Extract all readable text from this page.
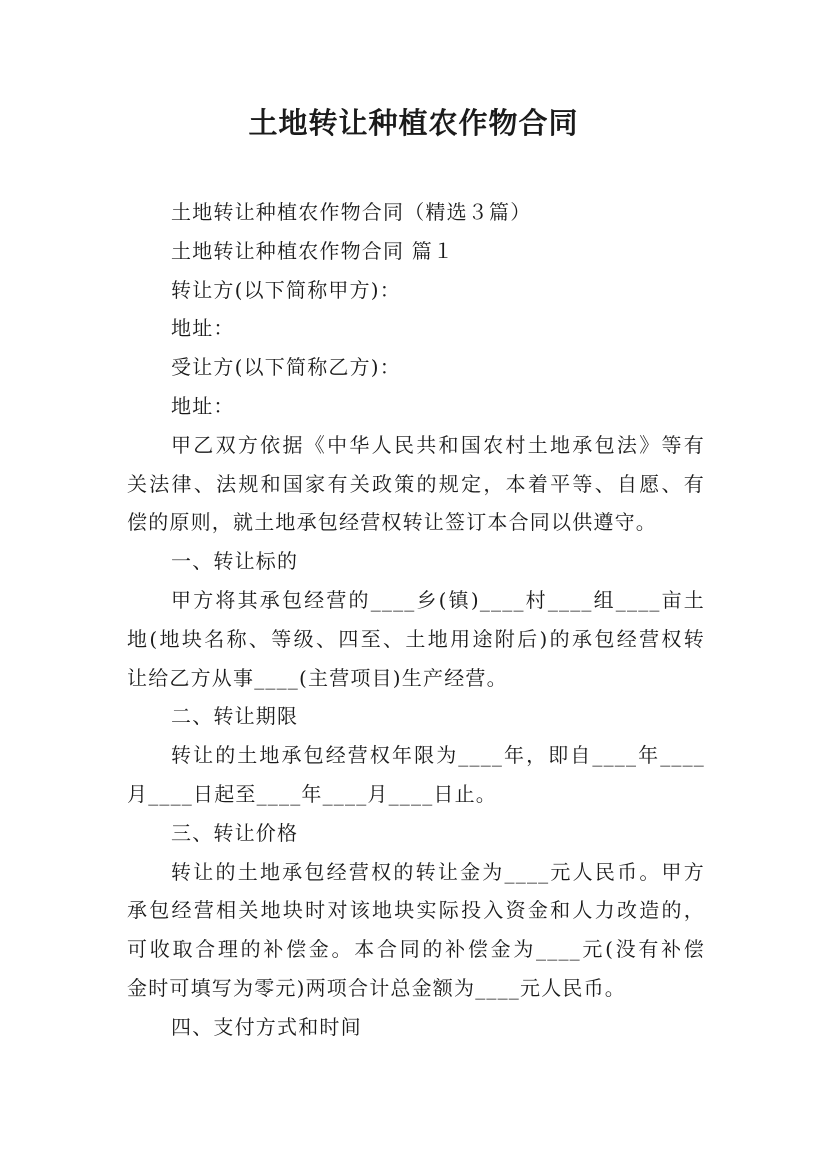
土地转让种植农作物合同

土地转让种植农作物合同（精选３篇）

土地转让种植农作物合同 篇１

转让方(以下简称甲方)：

地址：

受让方(以下简称乙方)：

地址：

甲乙双方依据《中华人民共和国农村土地承包法》等有

关法律、法规和国家有关政策的规定，本着平等、自愿、有

偿的原则，就土地承包经营权转让签订本合同以供遵守。

一、转让标的

甲方将其承包经营的____乡(镇)____村____组____亩土

地(地块名称、等级、四至、土地用途附后)的承包经营权转

让给乙方从事____(主营项目)生产经营。

二、转让期限

转让的土地承包经营权年限为____年，即自____年____

月____日起至____年____月____日止。

三、转让价格

转让的土地承包经营权的转让金为____元人民币。甲方

承包经营相关地块时对该地块实际投入资金和人力改造的，

可收取合理的补偿金。本合同的补偿金为____元(没有补偿

金时可填写为零元)两项合计总金额为____元人民币。

四、支付方式和时间
